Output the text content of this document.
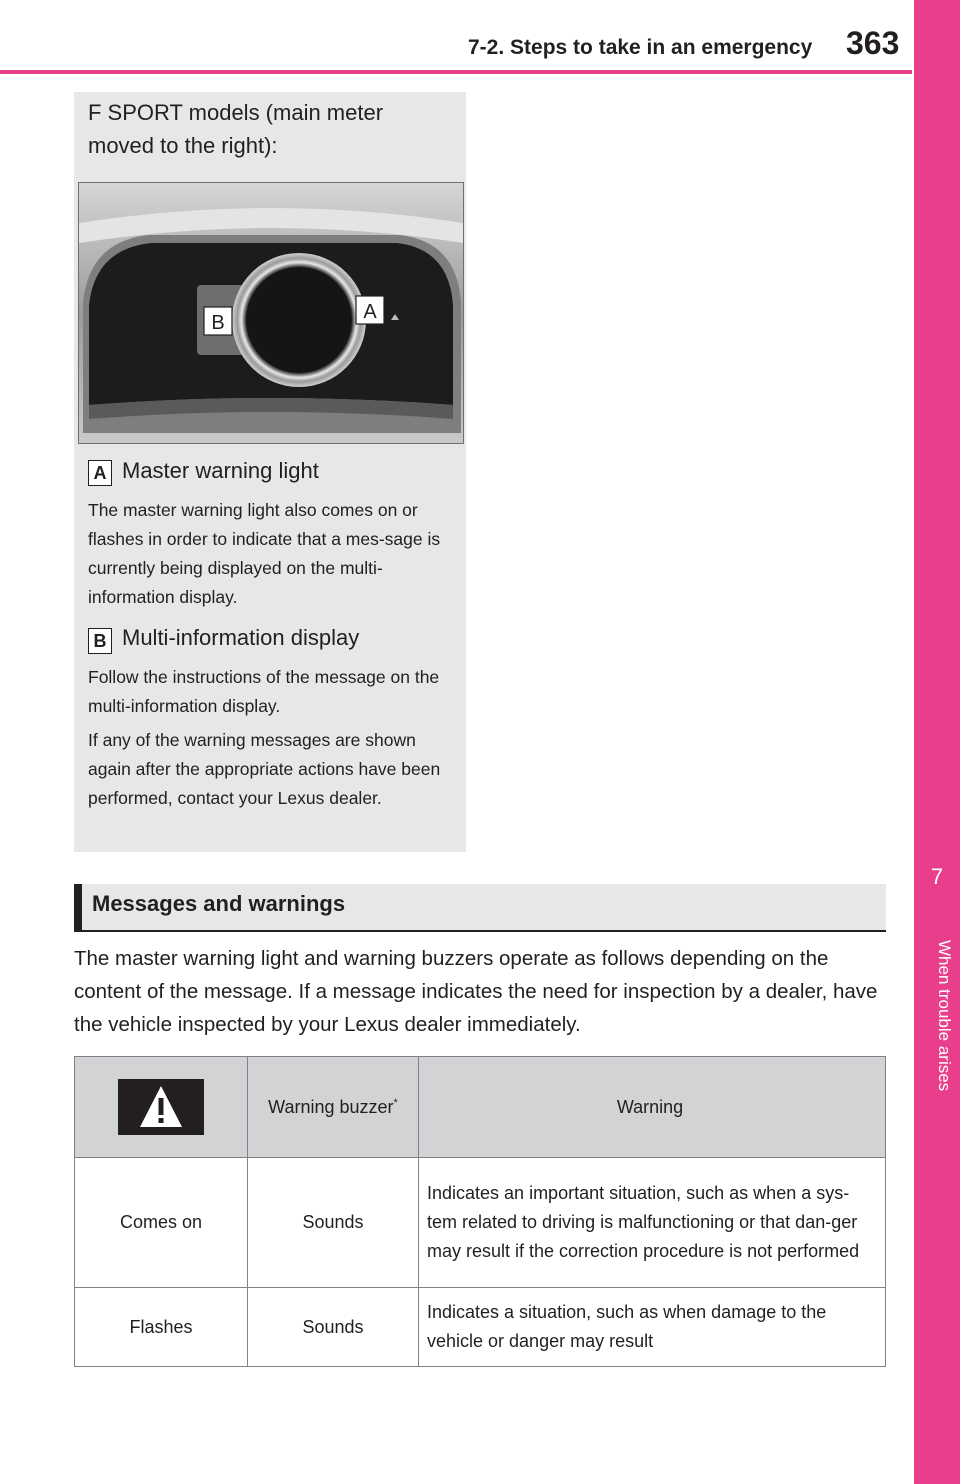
7-2. Steps to take in an emergency 363
7
When trouble arises
F SPORT models (main meter moved to the right):
B	A
A Master warning light
The master warning light also comes on or flashes in order to indicate that a mes-sage is currently being displayed on the multi-information display.
B Multi-information display
Follow the instructions of the message on the multi-information display.
If any of the warning messages are shown again after the appropriate actions have been performed, contact your Lexus dealer.
Messages and warnings
The master warning light and warning buzzers operate as follows depending on the content of the message. If a message indicates the need for inspection by a dealer, have the vehicle inspected by your Lexus dealer immediately.
	Warning buzzer*	Warning
Comes on	Sounds	Indicates an important situation, such as when a sys-tem related to driving is malfunctioning or that dan-ger may result if the correction procedure is not performed
Flashes	Sounds	Indicates a situation, such as when damage to the vehicle or danger may result
